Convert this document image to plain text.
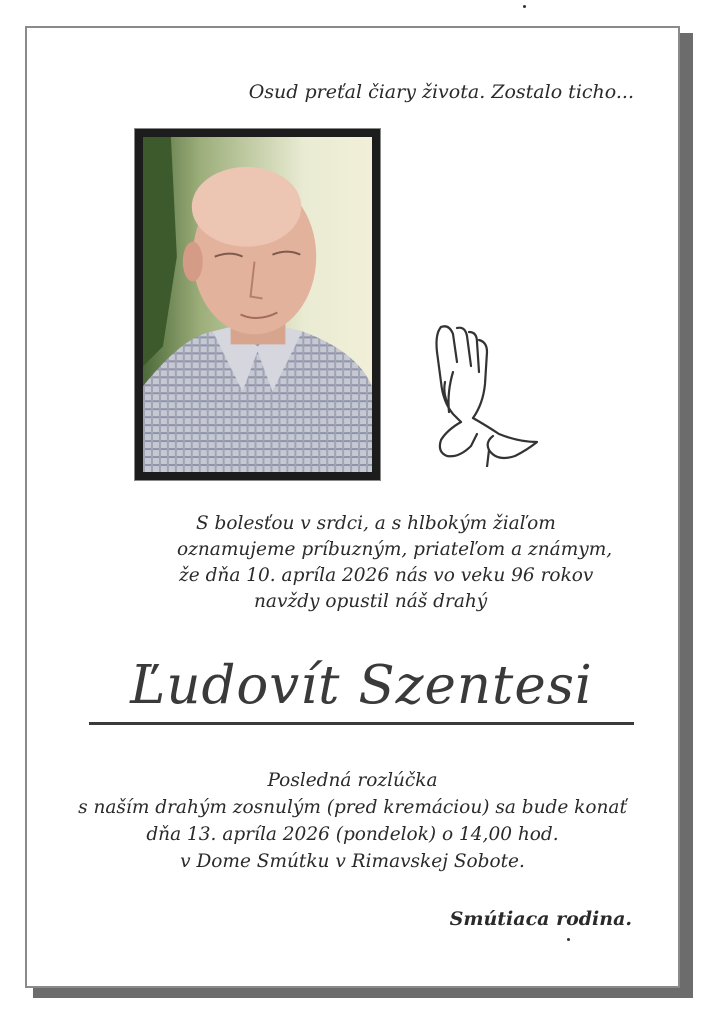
Osud preťal čiary života. Zostalo ticho...
S bolesťou v srdci, a s hlbokým žiaľom
oznamujeme príbuzným, priateľom a známym,
že dňa 10. apríla 2026 nás vo veku 96 rokov
navždy opustil náš drahý
Ľudovít Szentesi
Posledná rozlúčka
s naším drahým zosnulým (pred kremáciou) sa bude konať
dňa 13. apríla 2026 (pondelok) o 14,00 hod.
v Dome Smútku v Rimavskej Sobote.
Smútiaca rodina.
